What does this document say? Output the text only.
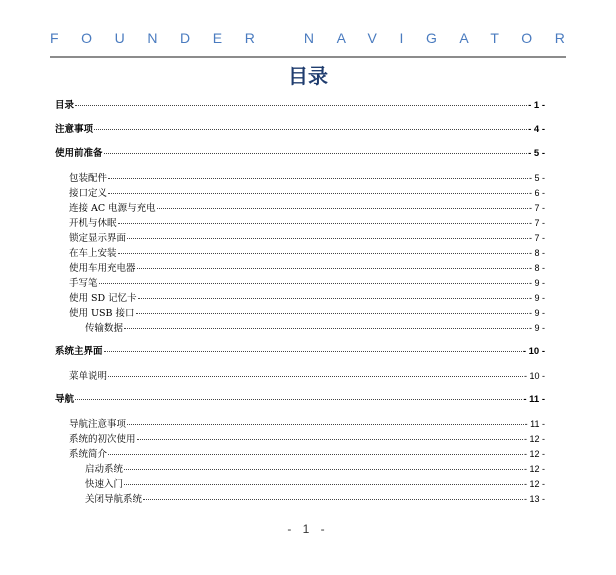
FOUNDER NAVIGATOR
目录
目录	- 1 -
注意事项	- 4 -
使用前准备	- 5 -
包装配件	- 5 -
接口定义	- 6 -
连接 AC 电源与充电	- 7 -
开机与休眠	- 7 -
锁定显示界面	- 7 -
在车上安装	- 8 -
使用车用充电器	- 8 -
手写笔	- 9 -
使用 SD 记忆卡	- 9 -
使用 USB 接口	- 9 -
传输数据	- 9 -
系统主界面	- 10 -
菜单说明	- 10 -
导航	- 11 -
导航注意事项	- 11 -
系统的初次使用	- 12 -
系统简介	- 12 -
启动系统	- 12 -
快速入门	- 12 -
关闭导航系统	- 13 -
- 1 -
